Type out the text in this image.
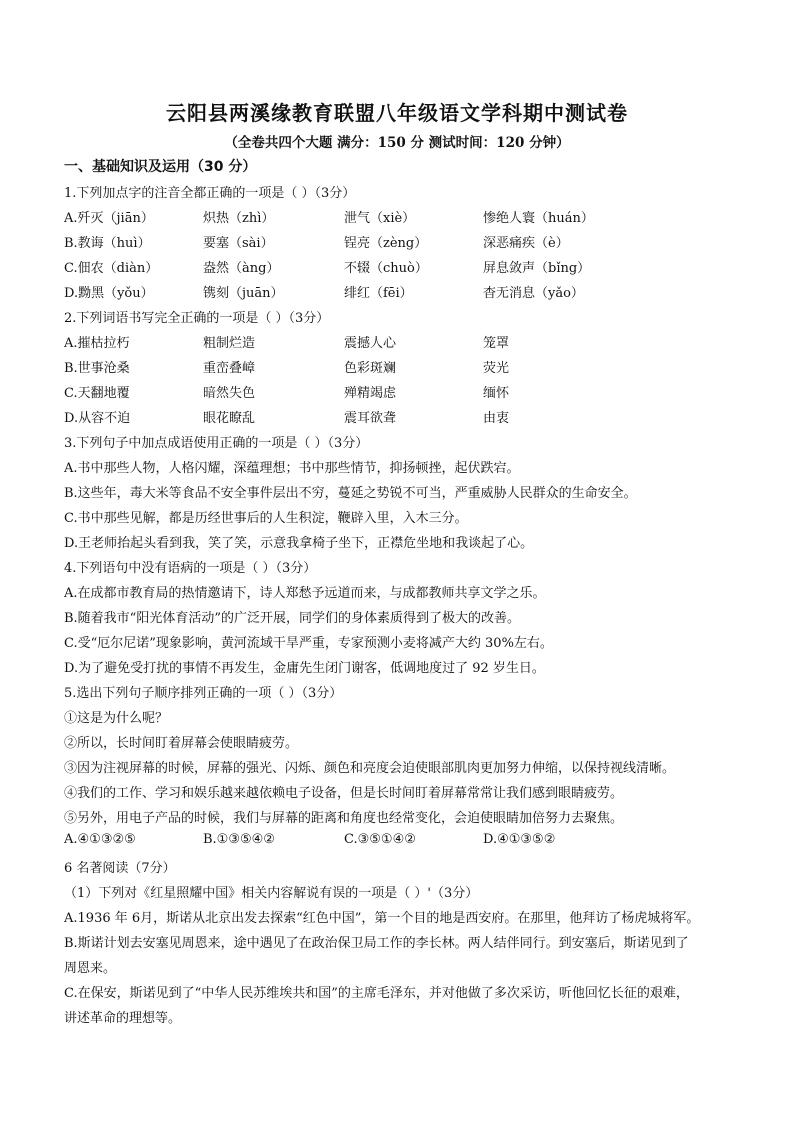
云阳县两溪缘教育联盟八年级语文学科期中测试卷
（全卷共四个大题 满分：150 分 测试时间：120 分钟）
一、基础知识及运用（30 分）
1.下列加点字的注音全都正确的一项是（ ）（3分）
A.歼灭（jiān）	炽热（zhì）	泄气（xiè）	惨绝人寰（huán）
B.教诲（huì）	要塞（sài）	锃亮（zèng）	深恶痛疾（è）
C.佃农（diàn）	盎然（àng）	不辍（chuò）	屏息敛声（bǐng）
D.黝黑（yǒu）	镌刻（juān）	绯红（fēi）	杳无消息（yǎo）
2.下列词语书写完全正确的一项是（ ）（3分）
A.摧枯拉朽	粗制烂造	震撼人心	笼罩
B.世事沧桑	重峦叠嶂	色彩斑斓	荧光
C.天翻地覆	暗然失色	殚精竭虑	缅怀
D.从容不迫	眼花瞭乱	震耳欲聋	由衷
3.下列句子中加点成语使用正确的一项是（ ）（3分）
A.书中那些人物，人格闪耀，深蕴理想；书中那些情节，抑扬顿挫，起伏跌宕。
B.这些年，毒大米等食品不安全事件层出不穷，蔓延之势锐不可当，严重威胁人民群众的生命安全。
C.书中那些见解，都是历经世事后的人生积淀，鞭辟入里，入木三分。
D.王老师抬起头看到我，笑了笑，示意我拿椅子坐下，正襟危坐地和我谈起了心。
4.下列语句中没有语病的一项是（ ）（3分）
A.在成都市教育局的热情邀请下，诗人郑愁予远道而来，与成都教师共享文学之乐。
B.随着我市“阳光体育活动”的广泛开展，同学们的身体素质得到了极大的改善。
C.受“厄尔尼诺”现象影响，黄河流域干旱严重，专家预测小麦将减产大约 30%左右。
D.为了避免受打扰的事情不再发生，金庸先生闭门谢客，低调地度过了 92 岁生日。
5.选出下列句子顺序排列正确的一项（ ）（3分）
①这是为什么呢？
②所以，长时间盯着屏幕会使眼睛疲劳。
③因为注视屏幕的时候，屏幕的强光、闪烁、颜色和亮度会迫使眼部肌肉更加努力伸缩，以保持视线清晰。
④我们的工作、学习和娱乐越来越依赖电子设备，但是长时间盯着屏幕常常让我们感到眼睛疲劳。
⑤另外，用电子产品的时候，我们与屏幕的距离和角度也经常变化，会迫使眼睛加倍努力去聚焦。
A.④①③②⑤	B.①③⑤④②	C.③⑤①④②	D.④①③⑤②
6 名著阅读（7分）
（1）下列对《红星照耀中国》相关内容解说有误的一项是（ ）'（3分）
A.1936 年 6月，斯诺从北京出发去探索“红色中国”，第一个目的地是西安府。在那里，他拜访了杨虎城将军。
B.斯诺计划去安塞见周恩来，途中遇见了在政治保卫局工作的李长林。两人结伴同行。到安塞后，斯诺见到了
周恩来。
C.在保安，斯诺见到了“中华人民苏维埃共和国”的主席毛泽东，并对他做了多次采访，听他回忆长征的艰难，
讲述革命的理想等。
